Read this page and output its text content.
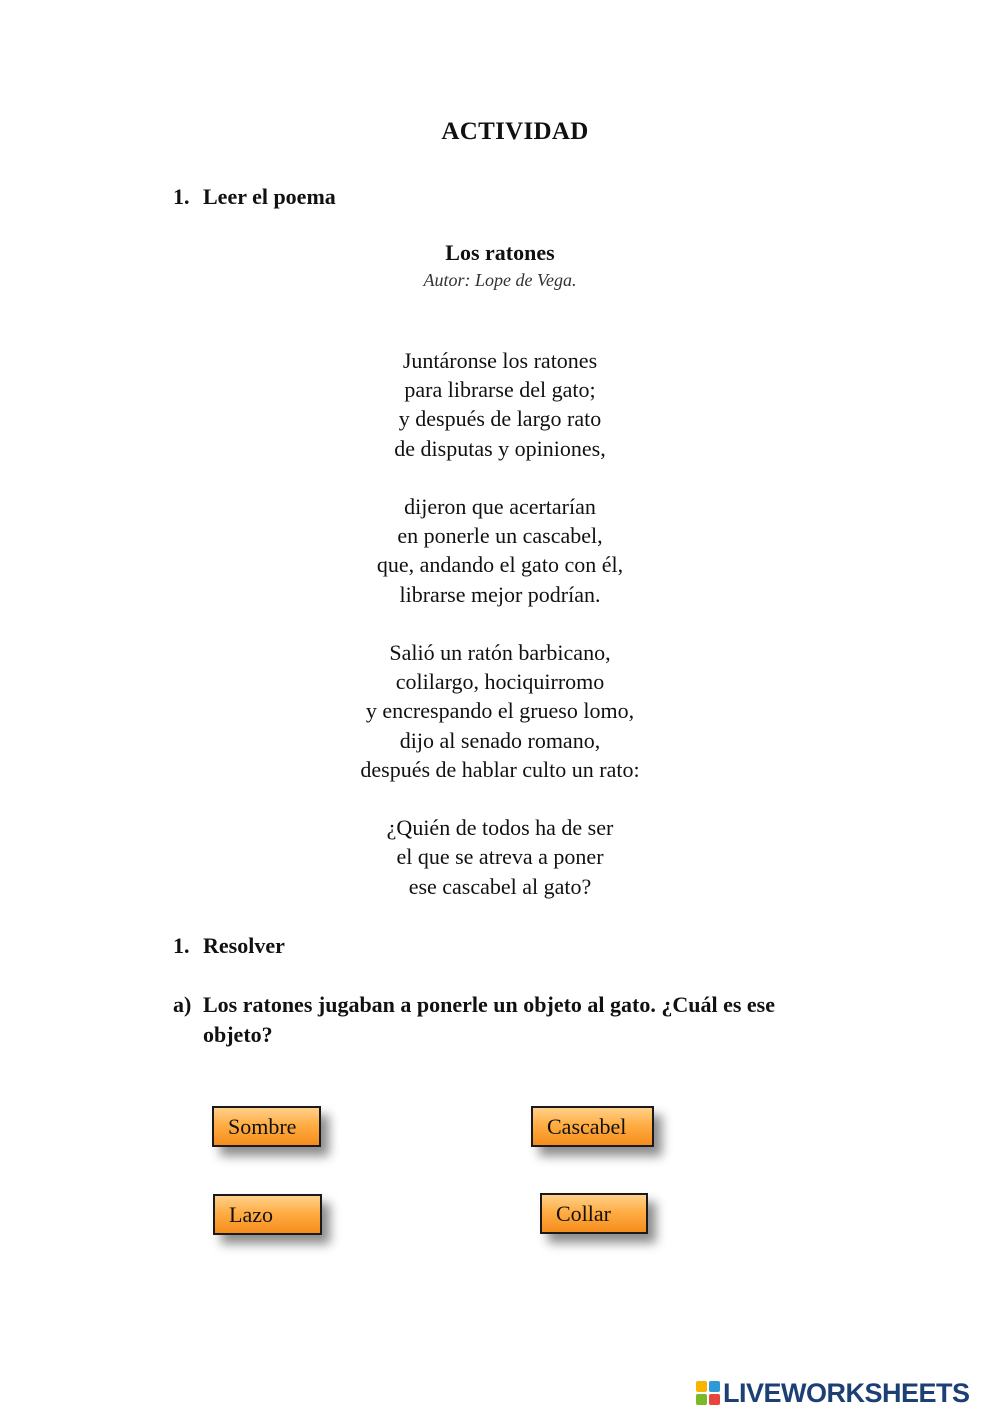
ACTIVIDAD
1. Leer el poema
Los ratones
Autor: Lope de Vega.
Juntáronse los ratones
para librarse del gato;
y después de largo rato
de disputas y opiniones,
dijeron que acertarían
en ponerle un cascabel,
que, andando el gato con él,
librarse mejor podrían.
Salió un ratón barbicano,
colilargo, hociquirromo
y encrespando el grueso lomo,
dijo al senado romano,
después de hablar culto un rato:
¿Quién de todos ha de ser
el que se atreva a poner
ese cascabel al gato?
1. Resolver
a) Los ratones jugaban a ponerle un objeto al gato. ¿Cuál es ese objeto?
Sombre	Cascabel
Lazo	Collar
LIVEWORKSHEETS
